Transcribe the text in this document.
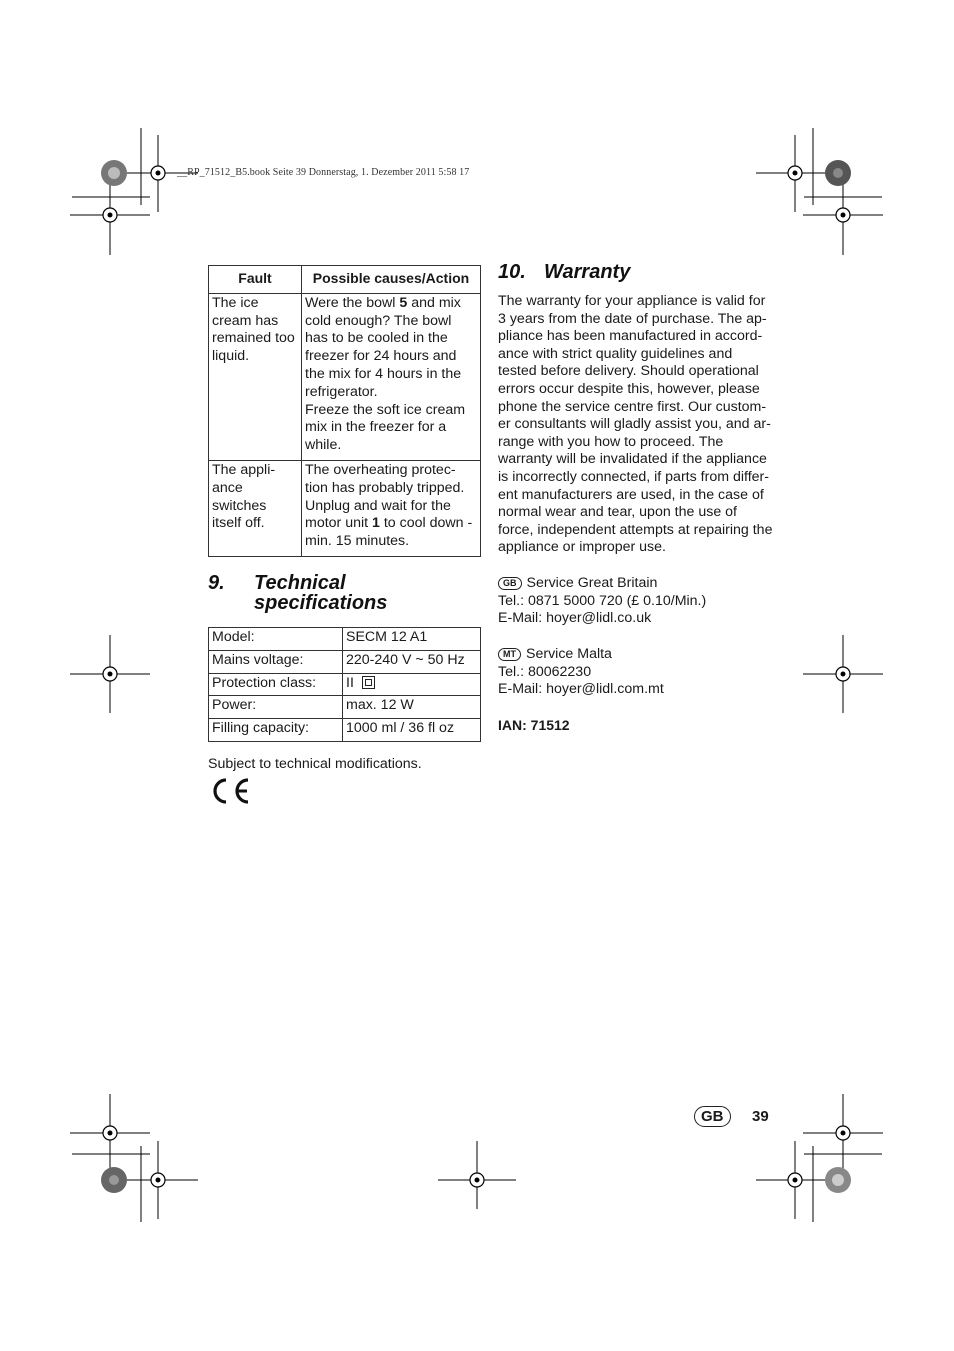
__RP_71512_B5.book Seite 39 Donnerstag, 1. Dezember 2011 5:58 17
Fault	Possible causes/Action
The ice cream has remained too liquid.	Were the bowl 5 and mix cold enough? The bowl has to be cooled in the freezer for 24 hours and the mix for 4 hours in the refrigerator.
Freeze the soft ice cream mix in the freezer for a while.
The appli-ance switches itself off.	The overheating protec-tion has probably tripped. Unplug and wait for the motor unit 1 to cool down - min. 15 minutes.
9. Technical
specifications
Model:	SECM 12 A1
Mains voltage:	220-240 V ~ 50 Hz
Protection class:	II
Power:	max. 12 W
Filling capacity:	1000 ml / 36 fl oz
Subject to technical modifications.
10. Warranty

The warranty for your appliance is valid for 3 years from the date of purchase. The ap-pliance has been manufactured in accord-ance with strict quality guidelines and tested before delivery. Should operational errors occur despite this, however, please phone the service centre first. Our custom-er consultants will gladly assist you, and ar-range with you how to proceed. The warranty will be invalidated if the appliance is incorrectly connected, if parts from differ-ent manufacturers are used, in the case of normal wear and tear, upon the use of force, independent attempts at repairing the appliance or improper use.

GB Service Great Britain
Tel.: 0871 5000 720 (£ 0.10/Min.)
E-Mail: hoyer@lidl.co.uk
MT Service Malta
Tel.: 80062230
E-Mail: hoyer@lidl.com.mt
IAN: 71512
GB	39
